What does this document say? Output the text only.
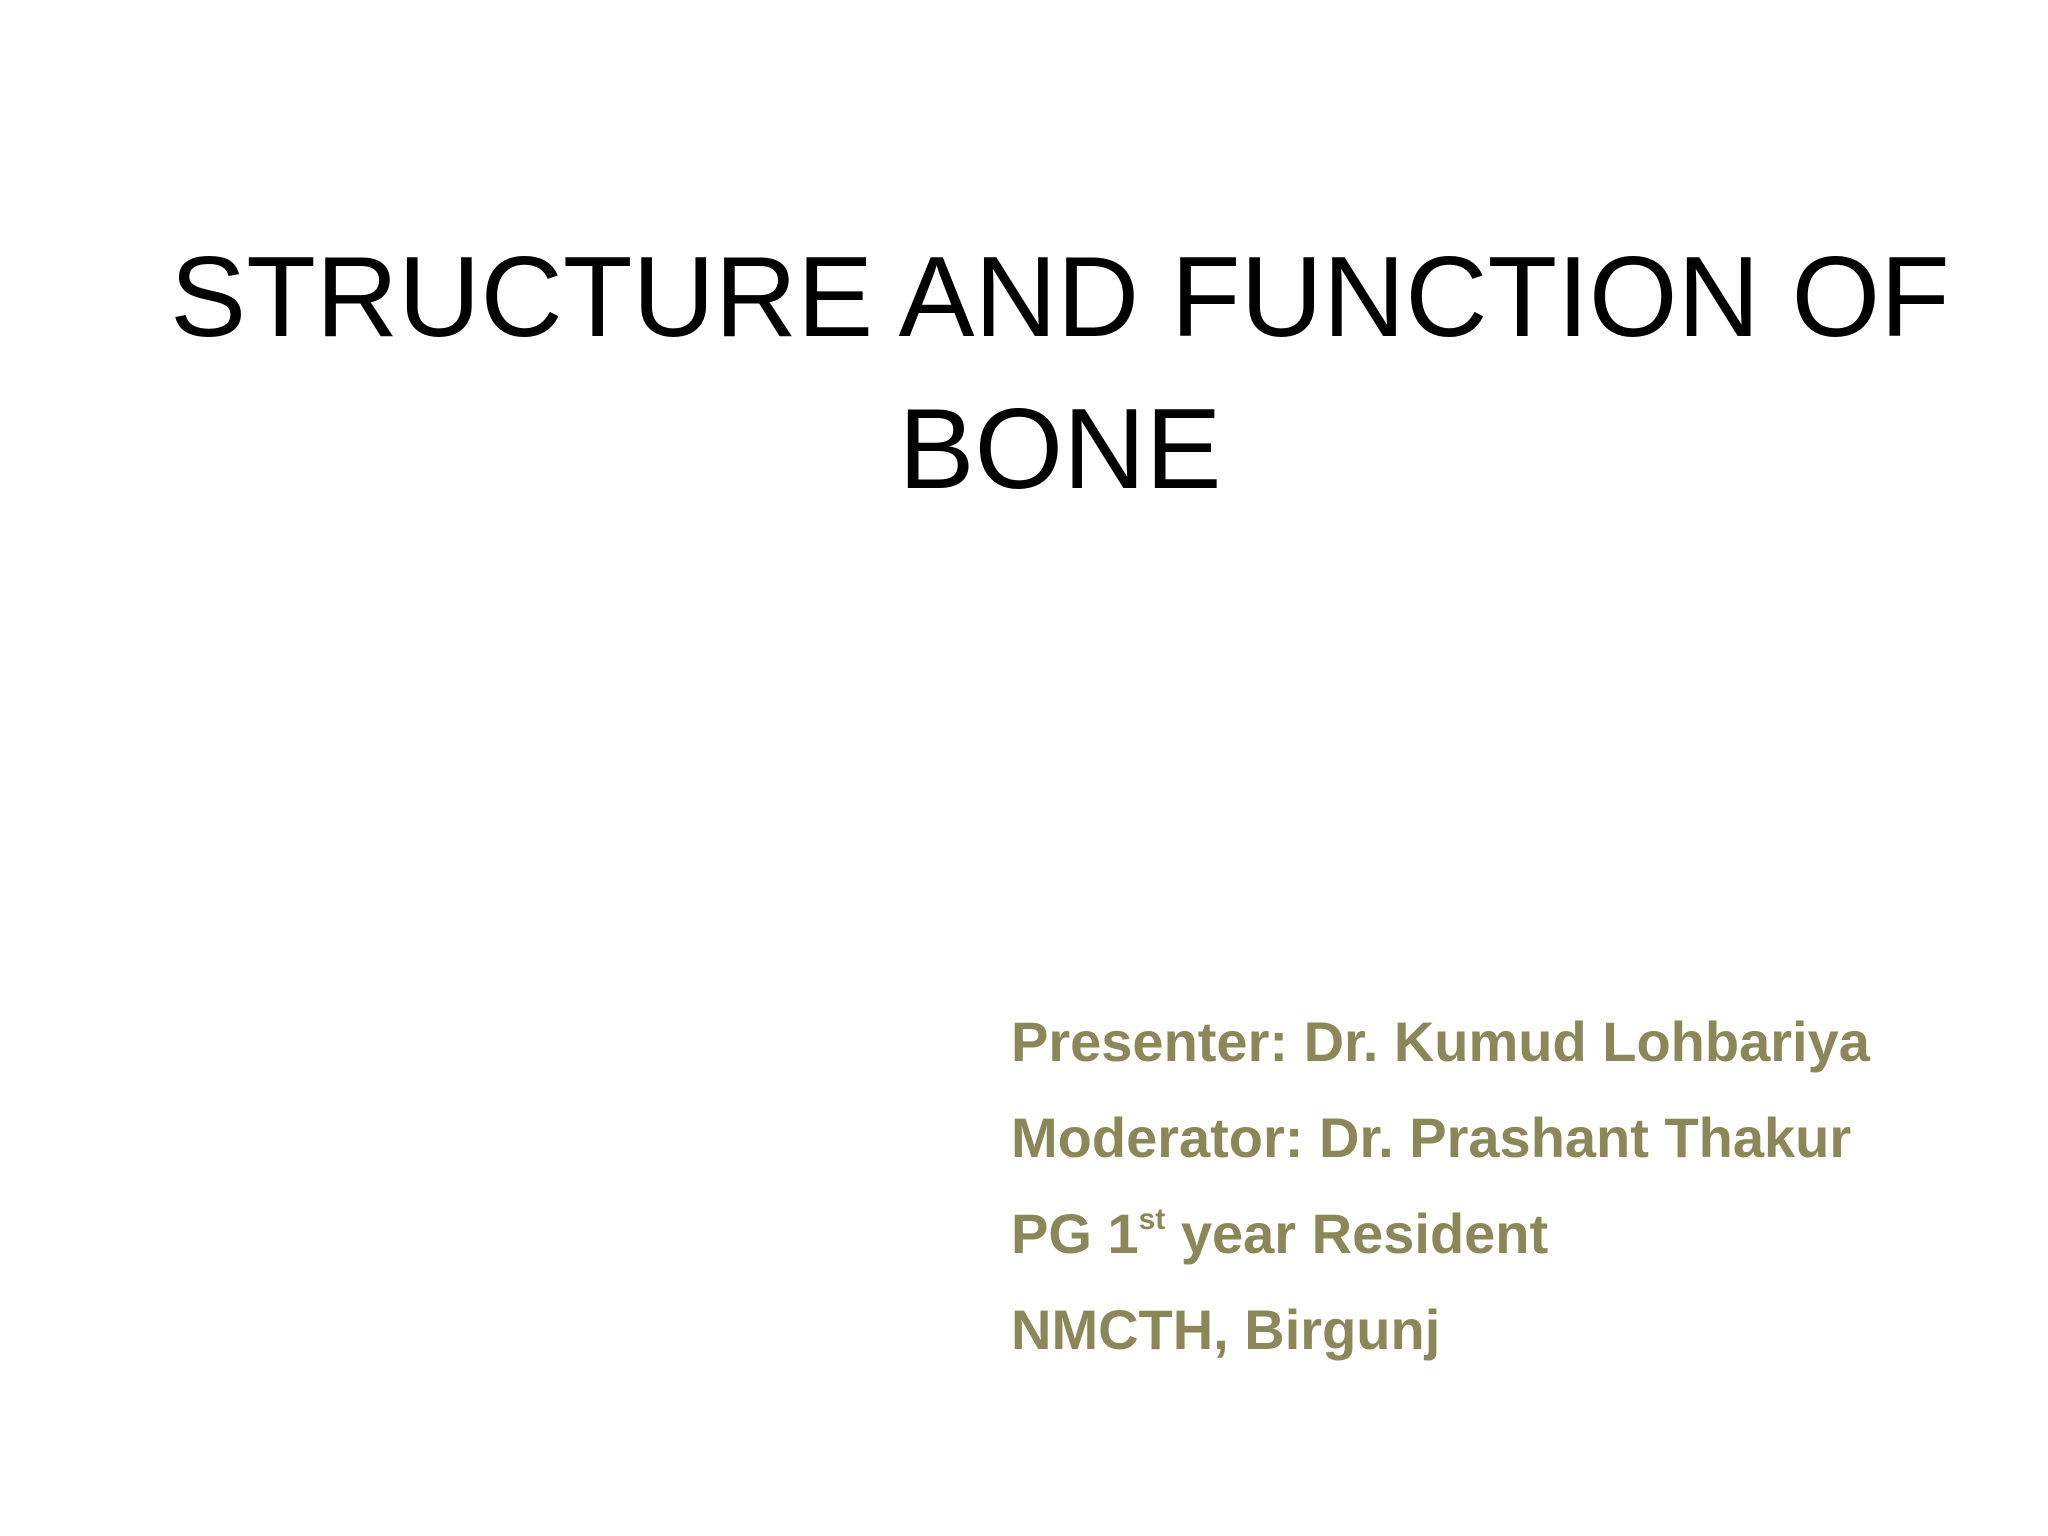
STRUCTURE AND FUNCTION OF
BONE
Presenter: Dr. Kumud Lohbariya
Moderator: Dr. Prashant Thakur
PG 1st year Resident
NMCTH, Birgunj
